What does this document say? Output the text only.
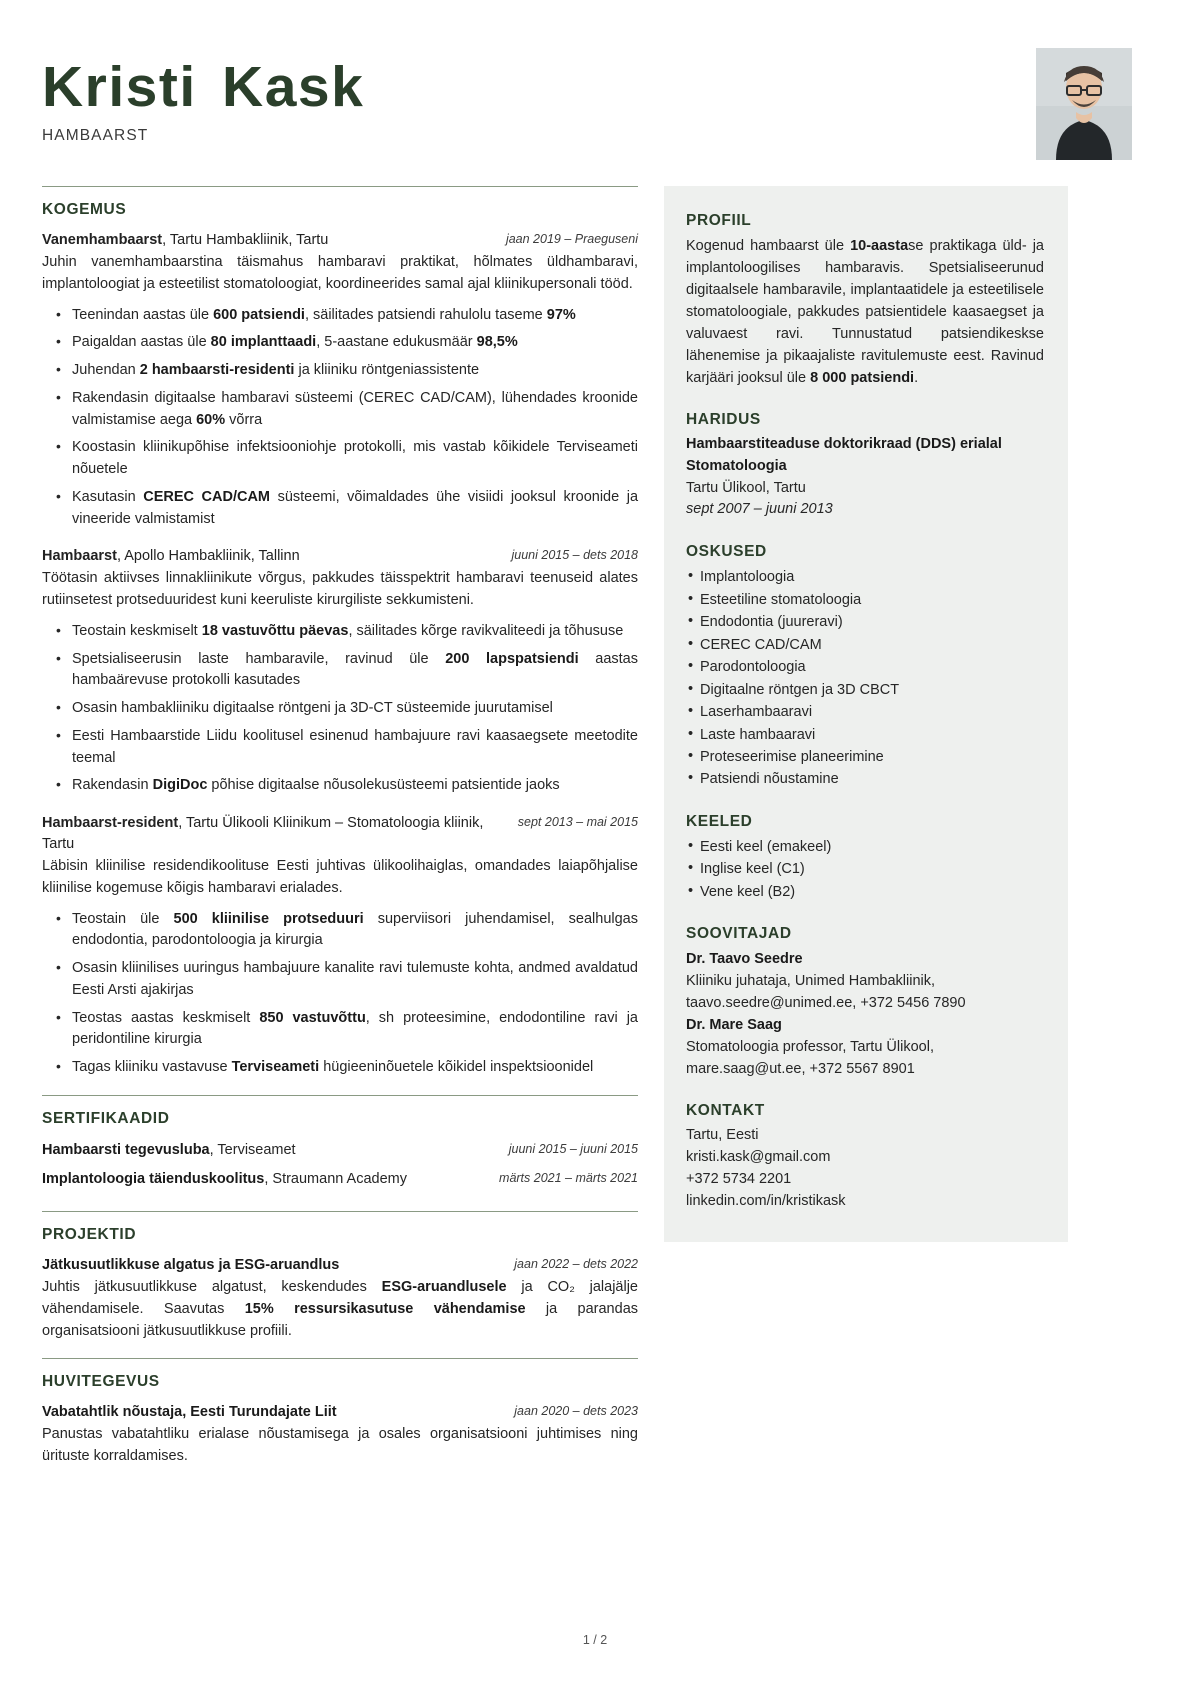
Kristi Kask
HAMBAARST
KOGEMUS
jaan 2019 – Praeguseni
Vanemhambaarst, Tartu Hambakliinik, Tartu
Juhin vanemhambaarstina täismahus hambaravi praktikat, hõlmates üldhambaravi, implantoloogiat ja esteetilist stomatoloogiat, koordineerides samal ajal kliinikupersonali tööd.
• Teenindan aastas üle 600 patsiendi, säilitades patsiendi rahulolu taseme 97%
• Paigaldan aastas üle 80 implanttaadi, 5-aastane edukusmäär 98,5%
• Juhendan 2 hambaarsti-residenti ja kliiniku röntgeniassistente
• Rakendasin digitaalse hambaravi süsteemi (CEREC CAD/CAM), lühendades kroonide valmistamise aega 60% võrra
• Koostasin kliinikupõhise infektsiooniohje protokolli, mis vastab kõikidele Terviseameti nõuetele
• Kasutasin CEREC CAD/CAM süsteemi, võimaldades ühe visiidi jooksul kroonide ja vineeride valmistamist
juuni 2015 – dets 2018
Hambaarst, Apollo Hambakliinik, Tallinn
Töötasin aktiivses linnakliinikute võrgus, pakkudes täisspektrit hambaravi teenuseid alates rutiinsetest protseduuridest kuni keeruliste kirurgiliste sekkumisteni.
• Teostain keskmiselt 18 vastuvõttu päevas, säilitades kõrge ravikvaliteedi ja tõhususe
• Spetsialiseerusin laste hambaravile, ravinud üle 200 lapspatsiendi aastas hambaärevuse protokolli kasutades
• Osasin hambakliiniku digitaalse röntgeni ja 3D-CT süsteemide juurutamisel
• Eesti Hambaarstide Liidu koolitusel esinenud hambajuure ravi kaasaegsete meetodite teemal
• Rakendasin DigiDoc põhise digitaalse nõusolekusüsteemi patsientide jaoks
sept 2013 – mai 2015
Hambaarst-resident, Tartu Ülikooli Kliinikum – Stomatoloogia kliinik, Tartu
Läbisin kliinilise residendikoolituse Eesti juhtivas ülikoolihaiglas, omandades laiapõhjalise kliinilise kogemuse kõigis hambaravi erialades.
• Teostain üle 500 kliinilise protseduuri superviisori juhendamisel, sealhulgas endodontia, parodontoloogia ja kirurgia
• Osasin kliinilises uuringus hambajuure kanalite ravi tulemuste kohta, andmed avaldatud Eesti Arsti ajakirjas
• Teostas aastas keskmiselt 850 vastuvõttu, sh proteesimine, endodontiline ravi ja peridontiline kirurgia
• Tagas kliiniku vastavuse Terviseameti hügieeninõuetele kõikidel inspektsioonidel
SERTIFIKAADID
juuni 2015 – juuni 2015
Hambaarsti tegevusluba, Terviseamet
märts 2021 – märts 2021
Implantoloogia täienduskoolitus, Straumann Academy
PROJEKTID
jaan 2022 – dets 2022
Jätkusuutlikkuse algatus ja ESG-aruandlus
Juhtis jätkusuutlikkuse algatust, keskendudes ESG-aruandlusele ja CO₂ jalajälje vähendamisele. Saavutas 15% ressursikasutuse vähendamise ja parandas organisatsiooni jätkusuutlikkuse profiili.
HUVITEGEVUS
jaan 2020 – dets 2023
Vabatahtlik nõustaja, Eesti Turundajate Liit
Panustas vabatahtliku erialase nõustamisega ja osales organisatsiooni juhtimises ning ürituste korraldamises.
PROFIIL
Kogenud hambaarst üle 10-aastase praktikaga üld- ja implantoloogilises hambaravis. Spetsialiseerunud digitaalsele hambaravile, implantaatidele ja esteetilisele stomatoloogiale, pakkudes patsientidele kaasaegset ja valuvaest ravi. Tunnustatud patsiendikeskse lähenemise ja pikaajaliste ravitulemuste eest. Ravinud karjääri jooksul üle 8 000 patsiendi.
HARIDUS
Hambaarstiteaduse doktorikraad (DDS) erialal Stomatoloogia
Tartu Ülikool, Tartu
sept 2007 – juuni 2013
OSKUSED
• Implantoloogia
• Esteetiline stomatoloogia
• Endodontia (juureravi)
• CEREC CAD/CAM
• Parodontoloogia
• Digitaalne röntgen ja 3D CBCT
• Laserhambaaravi
• Laste hambaaravi
• Proteseerimise planeerimine
• Patsiendi nõustamine
KEELED
• Eesti keel (emakeel)
• Inglise keel (C1)
• Vene keel (B2)
SOOVITAJAD
Dr. Taavo Seedre
Kliiniku juhataja, Unimed Hambakliinik,
taavo.seedre@unimed.ee, +372 5456 7890
Dr. Mare Saag
Stomatoloogia professor, Tartu Ülikool,
mare.saag@ut.ee, +372 5567 8901
KONTAKT
Tartu, Eesti
kristi.kask@gmail.com
+372 5734 2201
linkedin.com/in/kristikask
1 / 2
